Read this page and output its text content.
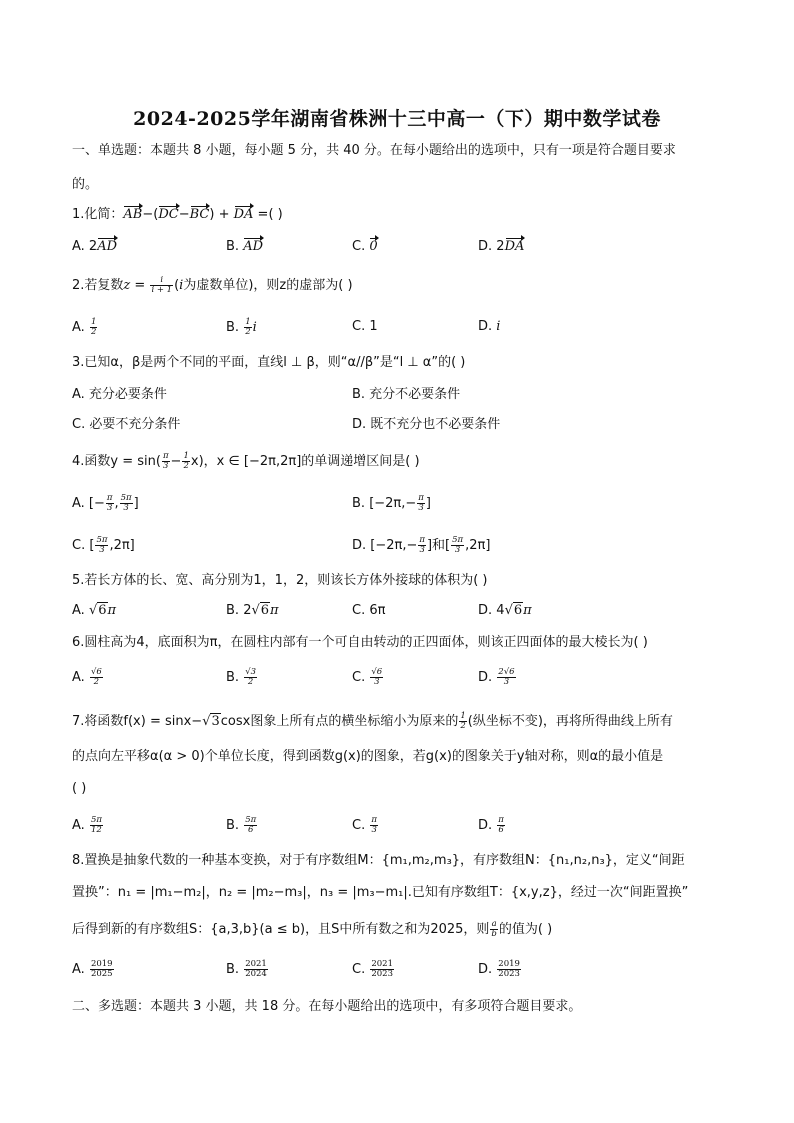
2024-2025学年湖南省株洲十三中高一（下）期中数学试卷
一、单选题：本题共 8 小题，每小题 5 分，共 40 分。在每小题给出的选项中，只有一项是符合题目要求
的。
1.化简：AB−(DC−BC) + DA =( )
A. 2AD	B. AD	C. 0	D. 2DA
2.若复数$z = \frac{i}{i + 1} (i$为虚数单位)，则z的虚部为( )
A. $\frac{1}{2}$	B. $\frac{1}{2}$ i	C. 1	D. i
3.已知α，β是两个不同的平面，直线l ⊥ β，则“α//β”是“l ⊥ α”的( )
A. 充分必要条件	B. 充分不必要条件
C. 必要不充分条件	D. 既不充分也不必要条件
4.函数$y = \sin( \frac{\pi}{3} - \frac{1}{2} x)$，x ∈ [−2π,2π]的单调递增区间是( )
A. [− $\frac{\pi}{3}$ , $\frac{5\pi}{3}$ ]	B. [$-2\pi,- \frac{\pi}{3}$ ]
C. [ $\frac{5\pi}{3} ,2\pi$]	D. [$-2\pi,- \frac{\pi}{3}$ ]和[ $\frac{5\pi}{3} ,2\pi$]
5.若长方体的长、宽、高分别为1，1，2，则该长方体外接球的体积为( )
A. √6π	B. 2√6π	C. 6π	D. 4√6π
6.圆柱高为4，底面积为π，在圆柱内部有一个可自由转动的正四面体，则该正四面体的最大棱长为( )
A. $\frac{√6}{2}$	B. $\frac{√3}{2}$	C. $\frac{√6}{3}$	D. $\frac{2√6}{3}$
7.将函数f(x) = sinx−√3cosx图象上所有点的横坐标缩小为原来的 $\frac{1}{2}$ (纵坐标不变)，再将所得曲线上所有
的点向左平移α(α > 0)个单位长度，得到函数g(x)的图象，若g(x)的图象关于y轴对称，则α的最小值是
( )
A. $\frac{5\pi}{12}$	B. $\frac{5\pi}{6}$	C. $\frac{\pi}{3}$	D. $\frac{\pi}{6}$
8.置换是抽象代数的一种基本变换，对于有序数组M：{m₁,m₂,m₃}，有序数组N：{n₁,n₂,n₃}，定义“间距
置换”：n₁ = |m₁−m₂|，n₂ = |m₂−m₃|，n₃ = |m₃−m₁|.已知有序数组T：{x,y,z}，经过一次“间距置换”
后得到新的有序数组S：{a,3,b}(a ≤ b)，且S中所有数之和为2025，则 $\frac{a}{b}$ 的值为( )
A. $\frac{2019}{2025}$	B. $\frac{2021}{2024}$	C. $\frac{2021}{2023}$	D. $\frac{2019}{2023}$
二、多选题：本题共 3 小题，共 18 分。在每小题给出的选项中，有多项符合题目要求。
